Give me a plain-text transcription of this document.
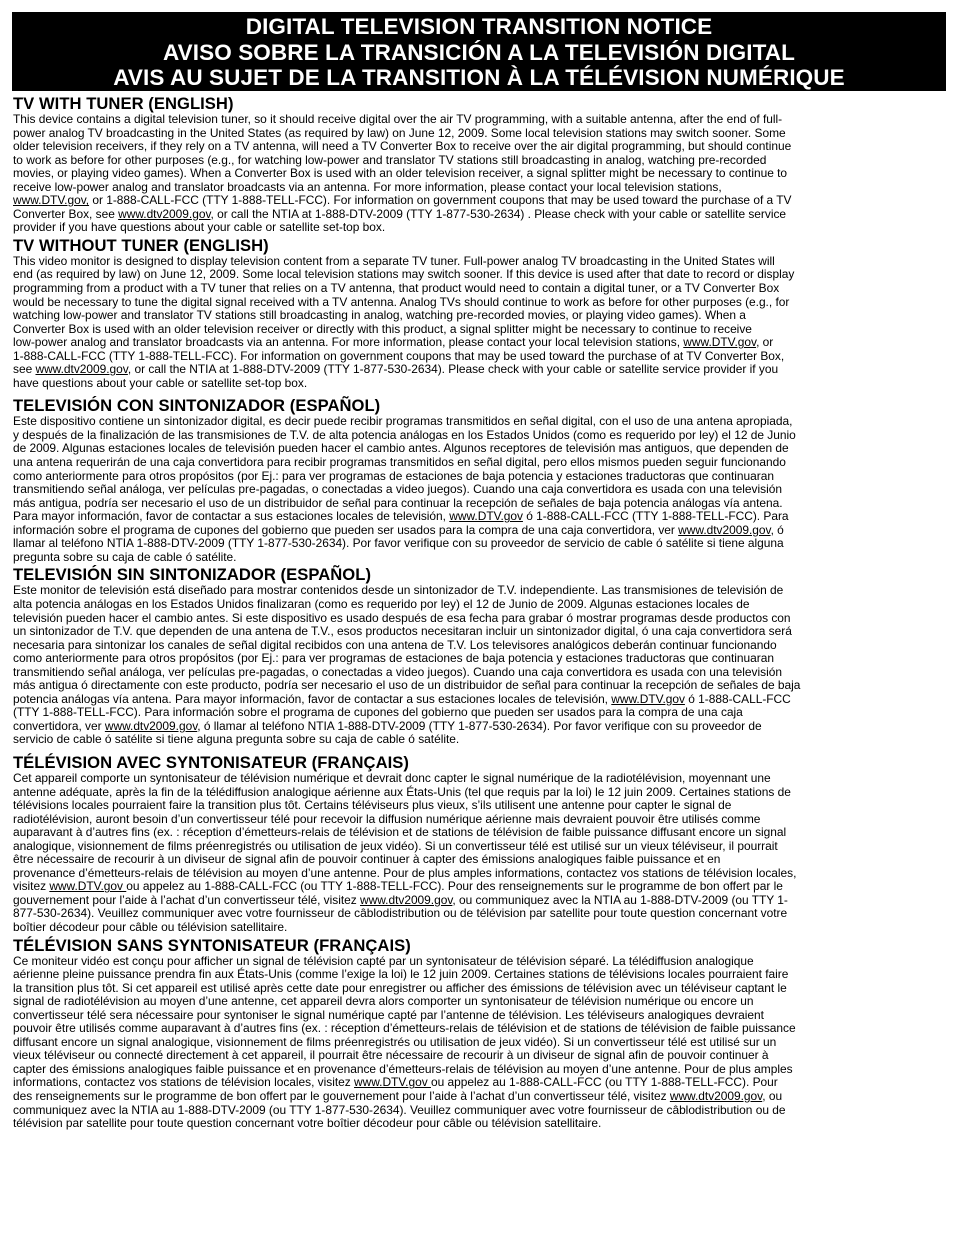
DIGITAL TELEVISION TRANSITION NOTICE
AVISO SOBRE LA TRANSICIÓN A LA TELEVISIÓN DIGITAL
AVIS AU SUJET DE LA TRANSITION À LA TÉLÉVISION NUMÉRIQUE
TV WITH TUNER (ENGLISH)

This device contains a digital television tuner, so it should receive digital over the air TV programming, with a suitable antenna, after the end of full-
power analog TV broadcasting in the United States (as required by law) on June 12, 2009. Some local television stations may switch sooner. Some
older television receivers, if they rely on a TV antenna, will need a TV Converter Box to receive over the air digital programming, but should continue
to work as before for other purposes (e.g., for watching low-power and translator TV stations still broadcasting in analog, watching pre-recorded
movies, or playing video games). When a Converter Box is used with an older television receiver, a signal splitter might be necessary to continue to
receive low-power analog and translator broadcasts via an antenna. For more information, please contact your local television stations,
www.DTV.gov, or 1-888-CALL-FCC (TTY 1-888-TELL-FCC). For information on government coupons that may be used toward the purchase of a TV
Converter Box, see www.dtv2009.gov, or call the NTIA at 1-888-DTV-2009 (TTY 1-877-530-2634) . Please check with your cable or satellite service
provider if you have questions about your cable or satellite set-top box.

TV WITHOUT TUNER (ENGLISH)

This video monitor is designed to display television content from a separate TV tuner. Full-power analog TV broadcasting in the United States will
end (as required by law) on June 12, 2009. Some local television stations may switch sooner. If this device is used after that date to record or display
programming from a product with a TV tuner that relies on a TV antenna, that product would need to contain a digital tuner, or a TV Converter Box
would be necessary to tune the digital signal received with a TV antenna. Analog TVs should continue to work as before for other purposes (e.g., for
watching low-power and translator TV stations still broadcasting in analog, watching pre-recorded movies, or playing video games). When a
Converter Box is used with an older television receiver or directly with this product, a signal splitter might be necessary to continue to receive
low-power analog and translator broadcasts via an antenna. For more information, please contact your local television stations, www.DTV.gov, or
1-888-CALL-FCC (TTY 1-888-TELL-FCC). For information on government coupons that may be used toward the purchase of at TV Converter Box,
see www.dtv2009.gov, or call the NTIA at 1-888-DTV-2009 (TTY 1-877-530-2634). Please check with your cable or satellite service provider if you
have questions about your cable or satellite set-top box.

TELEVISIÓN CON SINTONIZADOR (ESPAÑOL)

Este dispositivo contiene un sintonizador digital, es decir puede recibir programas transmitidos en señal digital, con el uso de una antena apropiada,
y después de la finalización de las transmisiones de T.V. de alta potencia análogas en los Estados Unidos (como es requerido por ley) el 12 de Junio
de 2009. Algunas estaciones locales de televisión pueden hacer el cambio antes. Algunos receptores de televisión mas antiguos, que dependen de
una antena requerirán de una caja convertidora para recibir programas transmitidos en señal digital, pero ellos mismos pueden seguir funcionando
como anteriormente para otros propósitos (por Ej.: para ver programas de estaciones de baja potencia y estaciones traductoras que continuaran
transmitiendo señal análoga, ver películas pre-pagadas, o conectadas a video juegos). Cuando una caja convertidora es usada con una televisión
más antigua, podría ser necesario el uso de un distribuidor de señal para continuar la recepción de señales de baja potencia análogas vía antena.
Para mayor información, favor de contactar a sus estaciones locales de televisión, www.DTV.gov ó 1-888-CALL-FCC (TTY 1-888-TELL-FCC). Para
información sobre el programa de cupones del gobierno que pueden ser usados para la compra de una caja convertidora, ver www.dtv2009.gov, ó
llamar al teléfono NTIA 1-888-DTV-2009 (TTY 1-877-530-2634). Por favor verifique con su proveedor de servicio de cable ó satélite si tiene alguna
pregunta sobre su caja de cable ó satélite.

TELEVISIÓN SIN SINTONIZADOR (ESPAÑOL)

Este monitor de televisión está diseñado para mostrar contenidos desde un sintonizador de T.V. independiente. Las transmisiones de televisión de
alta potencia análogas en los Estados Unidos finalizaran (como es requerido por ley) el 12 de Junio de 2009. Algunas estaciones locales de
televisión pueden hacer el cambio antes. Si este dispositivo es usado después de esa fecha para grabar ó mostrar programas desde productos con
un sintonizador de T.V. que dependen de una antena de T.V., esos productos necesitaran incluir un sintonizador digital, ó una caja convertidora será
necesaria para sintonizar los canales de señal digital recibidos con una antena de T.V. Los televisores analógicos deberán continuar funcionando
como anteriormente para otros propósitos (por Ej.: para ver programas de estaciones de baja potencia y estaciones traductoras que continuaran
transmitiendo señal análoga, ver películas pre-pagadas, o conectadas a video juegos). Cuando una caja convertidora es usada con una televisión
más antigua ó directamente con este producto, podría ser necesario el uso de un distribuidor de señal para continuar la recepción de señales de baja
potencia análogas vía antena. Para mayor información, favor de contactar a sus estaciones locales de televisión, www.DTV.gov ó 1-888-CALL-FCC
(TTY 1-888-TELL-FCC). Para información sobre el programa de cupones del gobierno que pueden ser usados para la compra de una caja
convertidora, ver www.dtv2009.gov, ó llamar al teléfono NTIA 1-888-DTV-2009 (TTY 1-877-530-2634). Por favor verifique con su proveedor de
servicio de cable ó satélite si tiene alguna pregunta sobre su caja de cable ó satélite.

TÉLÉVISION AVEC SYNTONISATEUR (FRANÇAIS)

Cet appareil comporte un syntonisateur de télévision numérique et devrait donc capter le signal numérique de la radiotélévision, moyennant une
antenne adéquate, après la fin de la télédiffusion analogique aérienne aux États-Unis (tel que requis par la loi) le 12 juin 2009. Certaines stations de
télévisions locales pourraient faire la transition plus tôt. Certains téléviseurs plus vieux, s’ils utilisent une antenne pour capter le signal de
radiotélévision, auront besoin d’un convertisseur télé pour recevoir la diffusion numérique aérienne mais devraient pouvoir être utilisés comme
auparavant à d’autres fins (ex. : réception d’émetteurs-relais de télévision et de stations de télévision de faible puissance diffusant encore un signal
analogique, visionnement de films préenregistrés ou utilisation de jeux vidéo). Si un convertisseur télé est utilisé sur un vieux téléviseur, il pourrait
être nécessaire de recourir à un diviseur de signal afin de pouvoir continuer à capter des émissions analogiques faible puissance et en
provenance d’émetteurs-relais de télévision au moyen d’une antenne. Pour de plus amples informations, contactez vos stations de télévision locales,
visitez www.DTV.gov ou appelez au 1-888-CALL-FCC (ou TTY 1-888-TELL-FCC). Pour des renseignements sur le programme de bon offert par le
gouvernement pour l’aide à l’achat d’un convertisseur télé, visitez www.dtv2009.gov, ou communiquez avec la NTIA au 1-888-DTV-2009 (ou TTY 1-
877-530-2634). Veuillez communiquer avec votre fournisseur de câblodistribution ou de télévision par satellite pour toute question concernant votre
boîtier décodeur pour câble ou télévision satellitaire.

TÉLÉVISION SANS SYNTONISATEUR (FRANÇAIS)

Ce moniteur vidéo est conçu pour afficher un signal de télévision capté par un syntonisateur de télévision séparé. La télédiffusion analogique
aérienne pleine puissance prendra fin aux États-Unis (comme l’exige la loi) le 12 juin 2009. Certaines stations de télévisions locales pourraient faire
la transition plus tôt. Si cet appareil est utilisé après cette date pour enregistrer ou afficher des émissions de télévision avec un téléviseur captant le
signal de radiotélévision au moyen d’une antenne, cet appareil devra alors comporter un syntonisateur de télévision numérique ou encore un
convertisseur télé sera nécessaire pour syntoniser le signal numérique capté par l’antenne de télévision. Les téléviseurs analogiques devraient
pouvoir être utilisés comme auparavant à d’autres fins (ex. : réception d’émetteurs-relais de télévision et de stations de télévision de faible puissance
diffusant encore un signal analogique, visionnement de films préenregistrés ou utilisation de jeux vidéo). Si un convertisseur télé est utilisé sur un
vieux téléviseur ou connecté directement à cet appareil, il pourrait être nécessaire de recourir à un diviseur de signal afin de pouvoir continuer à
capter des émissions analogiques faible puissance et en provenance d’émetteurs-relais de télévision au moyen d’une antenne. Pour de plus amples
informations, contactez vos stations de télévision locales, visitez www.DTV.gov ou appelez au 1-888-CALL-FCC (ou TTY 1-888-TELL-FCC). Pour
des renseignements sur le programme de bon offert par le gouvernement pour l’aide à l’achat d’un convertisseur télé, visitez www.dtv2009.gov, ou
communiquez avec la NTIA au 1-888-DTV-2009 (ou TTY 1-877-530-2634). Veuillez communiquer avec votre fournisseur de câblodistribution ou de
télévision par satellite pour toute question concernant votre boîtier décodeur pour câble ou télévision satellitaire.
